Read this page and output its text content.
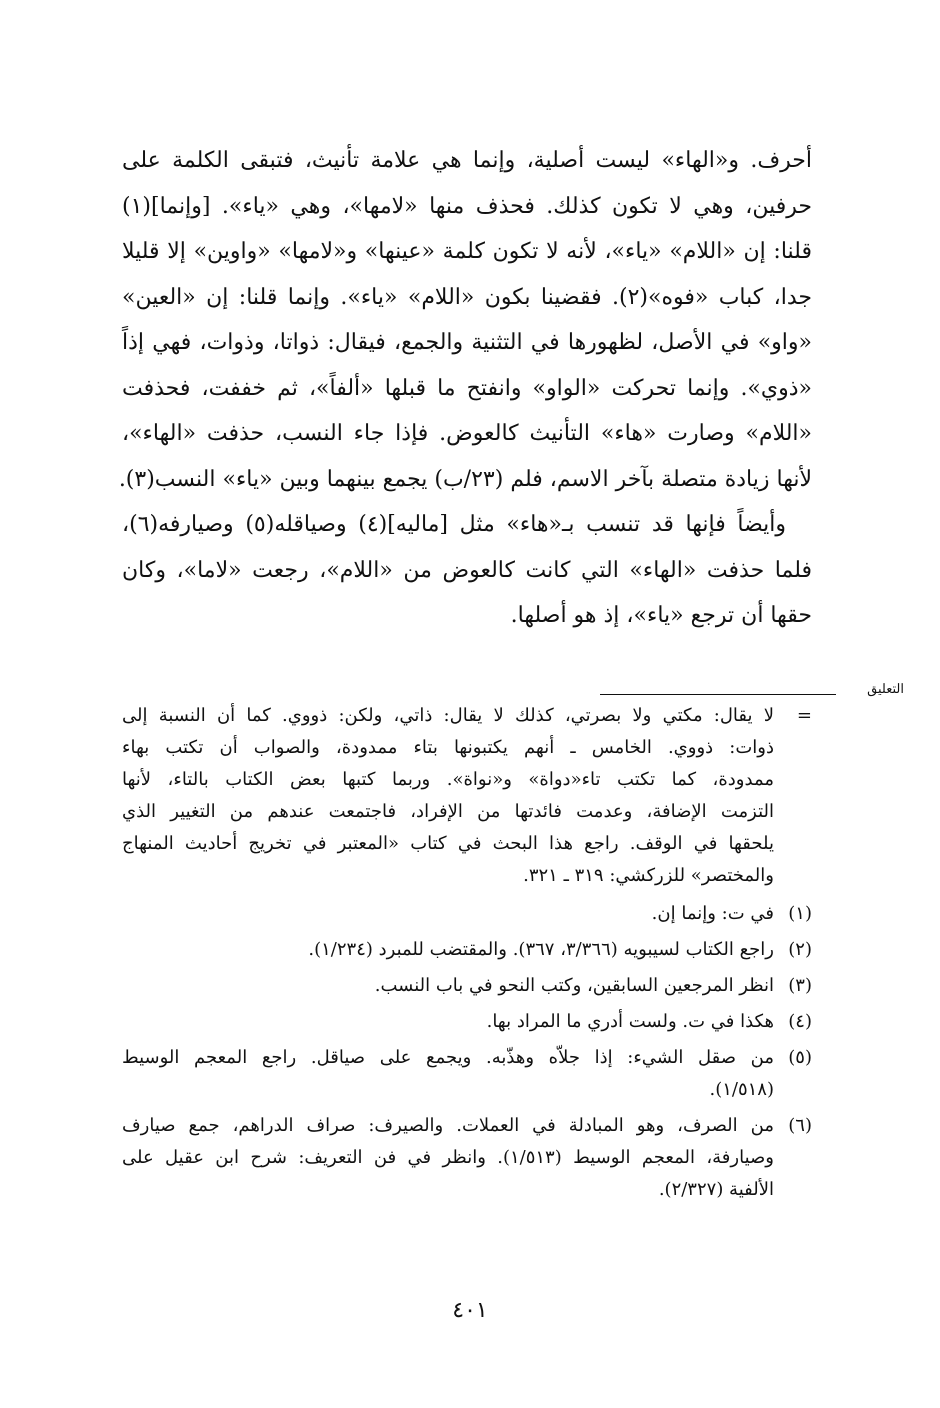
أحرف. و«الهاء» ليست أصلية، وإنما هي علامة تأنيث، فتبقى الكلمة على
حرفين، وهي لا تكون كذلك. فحذف منها «لامها»، وهي «ياء». [وإنما](١)
قلنا: إن «اللام» «ياء»، لأنه لا تكون كلمة «عينها» و«لامها» «واوين» إلا قليلا
جدا، كباب «فوه»(٢). فقضينا بكون «اللام» «ياء». وإنما قلنا: إن «العين»
«واو» في الأصل، لظهورها في التثنية والجمع، فيقال: ذواتا، وذوات، فهي إذاً
«ذوي». وإنما تحركت «الواو» وانفتح ما قبلها «ألفاً»، ثم خففت، فحذفت
«اللام» وصارت «هاء» التأنيث كالعوض. فإذا جاء النسب، حذفت «الهاء»،
لأنها زيادة متصلة بآخر الاسم، فلم (٢٣/ب) يجمع بينهما وبين «ياء» النسب(٣).
وأيضاً فإنها قد تنسب بـ«هاء» مثل [ماليه](٤) وصياقله(٥) وصيارفه(٦)،
فلما حذفت «الهاء» التي كانت كالعوض من «اللام»، رجعت «لاما»، وكان
حقها أن ترجع «ياء»، إذ هو أصلها.
التعليق
=
لا يقال: مكتي ولا بصرتي، كذلك لا يقال: ذاتي، ولكن: ذووي. كما أن النسبة إلى
ذوات: ذووي. الخامس ـ أنهم يكتبونها بتاء ممدودة، والصواب أن تكتب بهاء
ممدودة، كما تكتب تاء«دواة» و«نواة». وربما كتبها بعض الكتاب بالتاء، لأنها
التزمت الإضافة، وعدمت فائدتها من الإفراد، فاجتمعت عندهم من التغيير الذي
يلحقها في الوقف. راجع هذا البحث في كتاب «المعتبر في تخريج أحاديث المنهاج
والمختصر» للزركشي: ٣١٩ ـ ٣٢١.
(١)
في ت: وإنما إن.
(٢)
راجع الكتاب لسيبويه (٣/٣٦٦، ٣٦٧). والمقتضب للمبرد (١/٢٣٤).
(٣)
انظر المرجعين السابقين، وكتب النحو في باب النسب.
(٤)
هكذا في ت. ولست أدري ما المراد بها.
(٥)
من صقل الشيء: إذا جلاّه وهذّبه. ويجمع على صياقل. راجع المعجم الوسيط
(١/٥١٨).
(٦)
من الصرف، وهو المبادلة في العملات. والصيرف: صراف الدراهم، جمع صيارف
وصيارفة، المعجم الوسيط (١/٥١٣). وانظر في فن التعريف: شرح ابن عقيل على
الألفية (٢/٣٢٧).
٤٠١
